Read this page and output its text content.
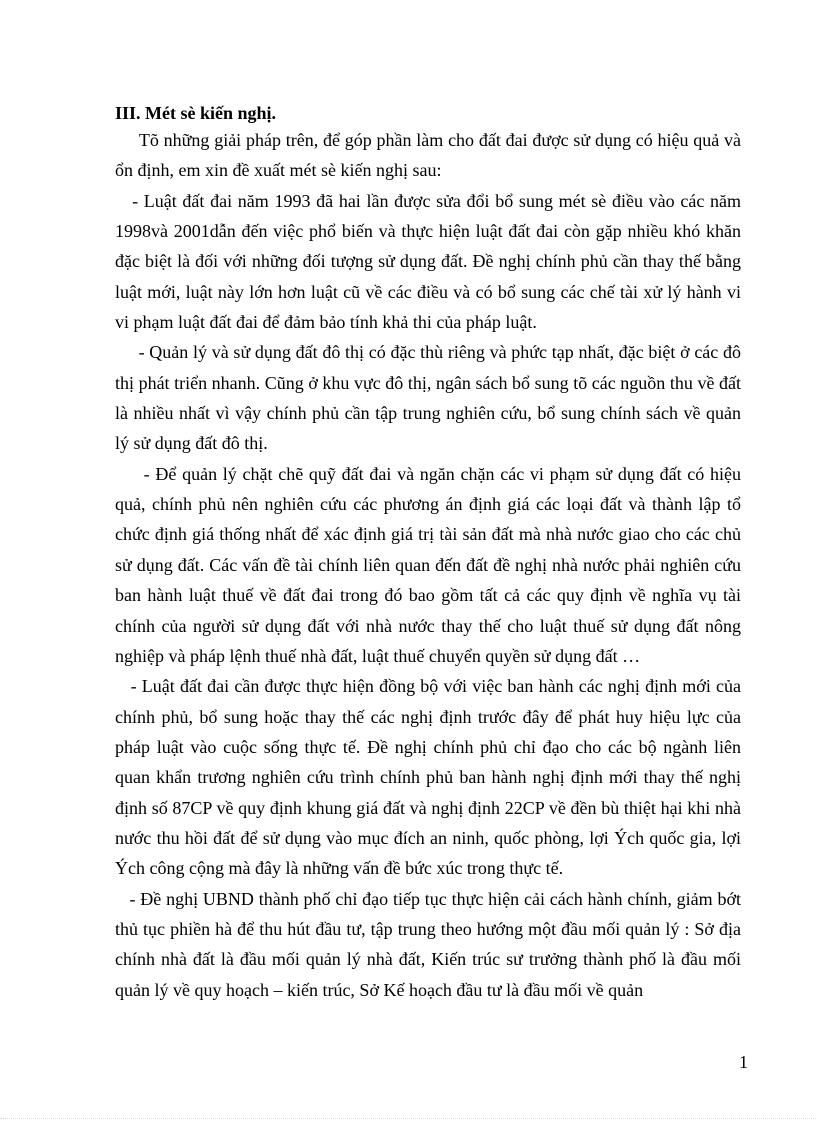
III. Mét sè kiến nghị.

Tõ những giải pháp trên, để góp phần làm cho đất đai được sử dụng có hiệu quả và ổn định, em xin đề xuất mét sè kiến nghị sau:

- Luật đất đai năm 1993 đã hai lần được sửa đổi bổ sung mét sè điều vào các năm 1998và 2001dẫn đến việc phổ biến và thực hiện luật đất đai còn gặp nhiều khó khăn đặc biệt là đối với những đối tượng sử dụng đất. Đề nghị chính phủ cần thay thế bằng luật mới, luật này lớn hơn luật cũ về các điều và có bổ sung các chế tài xử lý hành vi vi phạm luật đất đai để đảm bảo tính khả thi của pháp luật.

- Quản lý và sử dụng đất đô thị có đặc thù riêng và phức tạp nhất, đặc biệt ở các đô thị phát triển nhanh. Cũng ở khu vực đô thị, ngân sách bổ sung tõ các nguồn thu về đất là nhiều nhất vì vậy chính phủ cần tập trung nghiên cứu, bổ sung chính sách về quản lý sử dụng đất đô thị.

- Để quản lý chặt chẽ quỹ đất đai và ngăn chặn các vi phạm sử dụng đất có hiệu quả, chính phủ nên nghiên cứu các phương án định giá các loại đất và thành lập tổ chức định giá thống nhất để xác định giá trị tài sản đất mà nhà nước giao cho các chủ sử dụng đất. Các vấn đề tài chính liên quan đến đất đề nghị nhà nước phải nghiên cứu ban hành luật thuế về đất đai trong đó bao gồm tất cả các quy định về nghĩa vụ tài chính của người sử dụng đất với nhà nước thay thế cho luật thuế sử dụng đất nông nghiệp và pháp lệnh thuế nhà đất, luật thuế chuyển quyền sử dụng đất …

- Luật đất đai cần được thực hiện đồng bộ với việc ban hành các nghị định mới của chính phủ, bổ sung hoặc thay thế các nghị định trước đây để phát huy hiệu lực của pháp luật vào cuộc sống thực tế. Đề nghị chính phủ chỉ đạo cho các bộ ngành liên quan khẩn trương nghiên cứu trình chính phủ ban hành nghị định mới thay thế nghị định số 87CP về quy định khung giá đất và nghị định 22CP về đền bù thiệt hại khi nhà nước thu hồi đất để sử dụng vào mục đích an ninh, quốc phòng, lợi Ých quốc gia, lợi Ých công cộng mà đây là những vấn đề bức xúc trong thực tế.

- Đề nghị UBND thành phố chỉ đạo tiếp tục thực hiện cải cách hành chính, giảm bớt thủ tục phiền hà để thu hút đầu tư, tập trung theo hướng một đầu mối quản lý : Sở địa chính nhà đất là đầu mối quản lý nhà đất, Kiến trúc sư trưởng thành phố là đầu mối quản lý về quy hoạch – kiến trúc, Sở Kế hoạch đầu tư là đầu mối về quản

1
